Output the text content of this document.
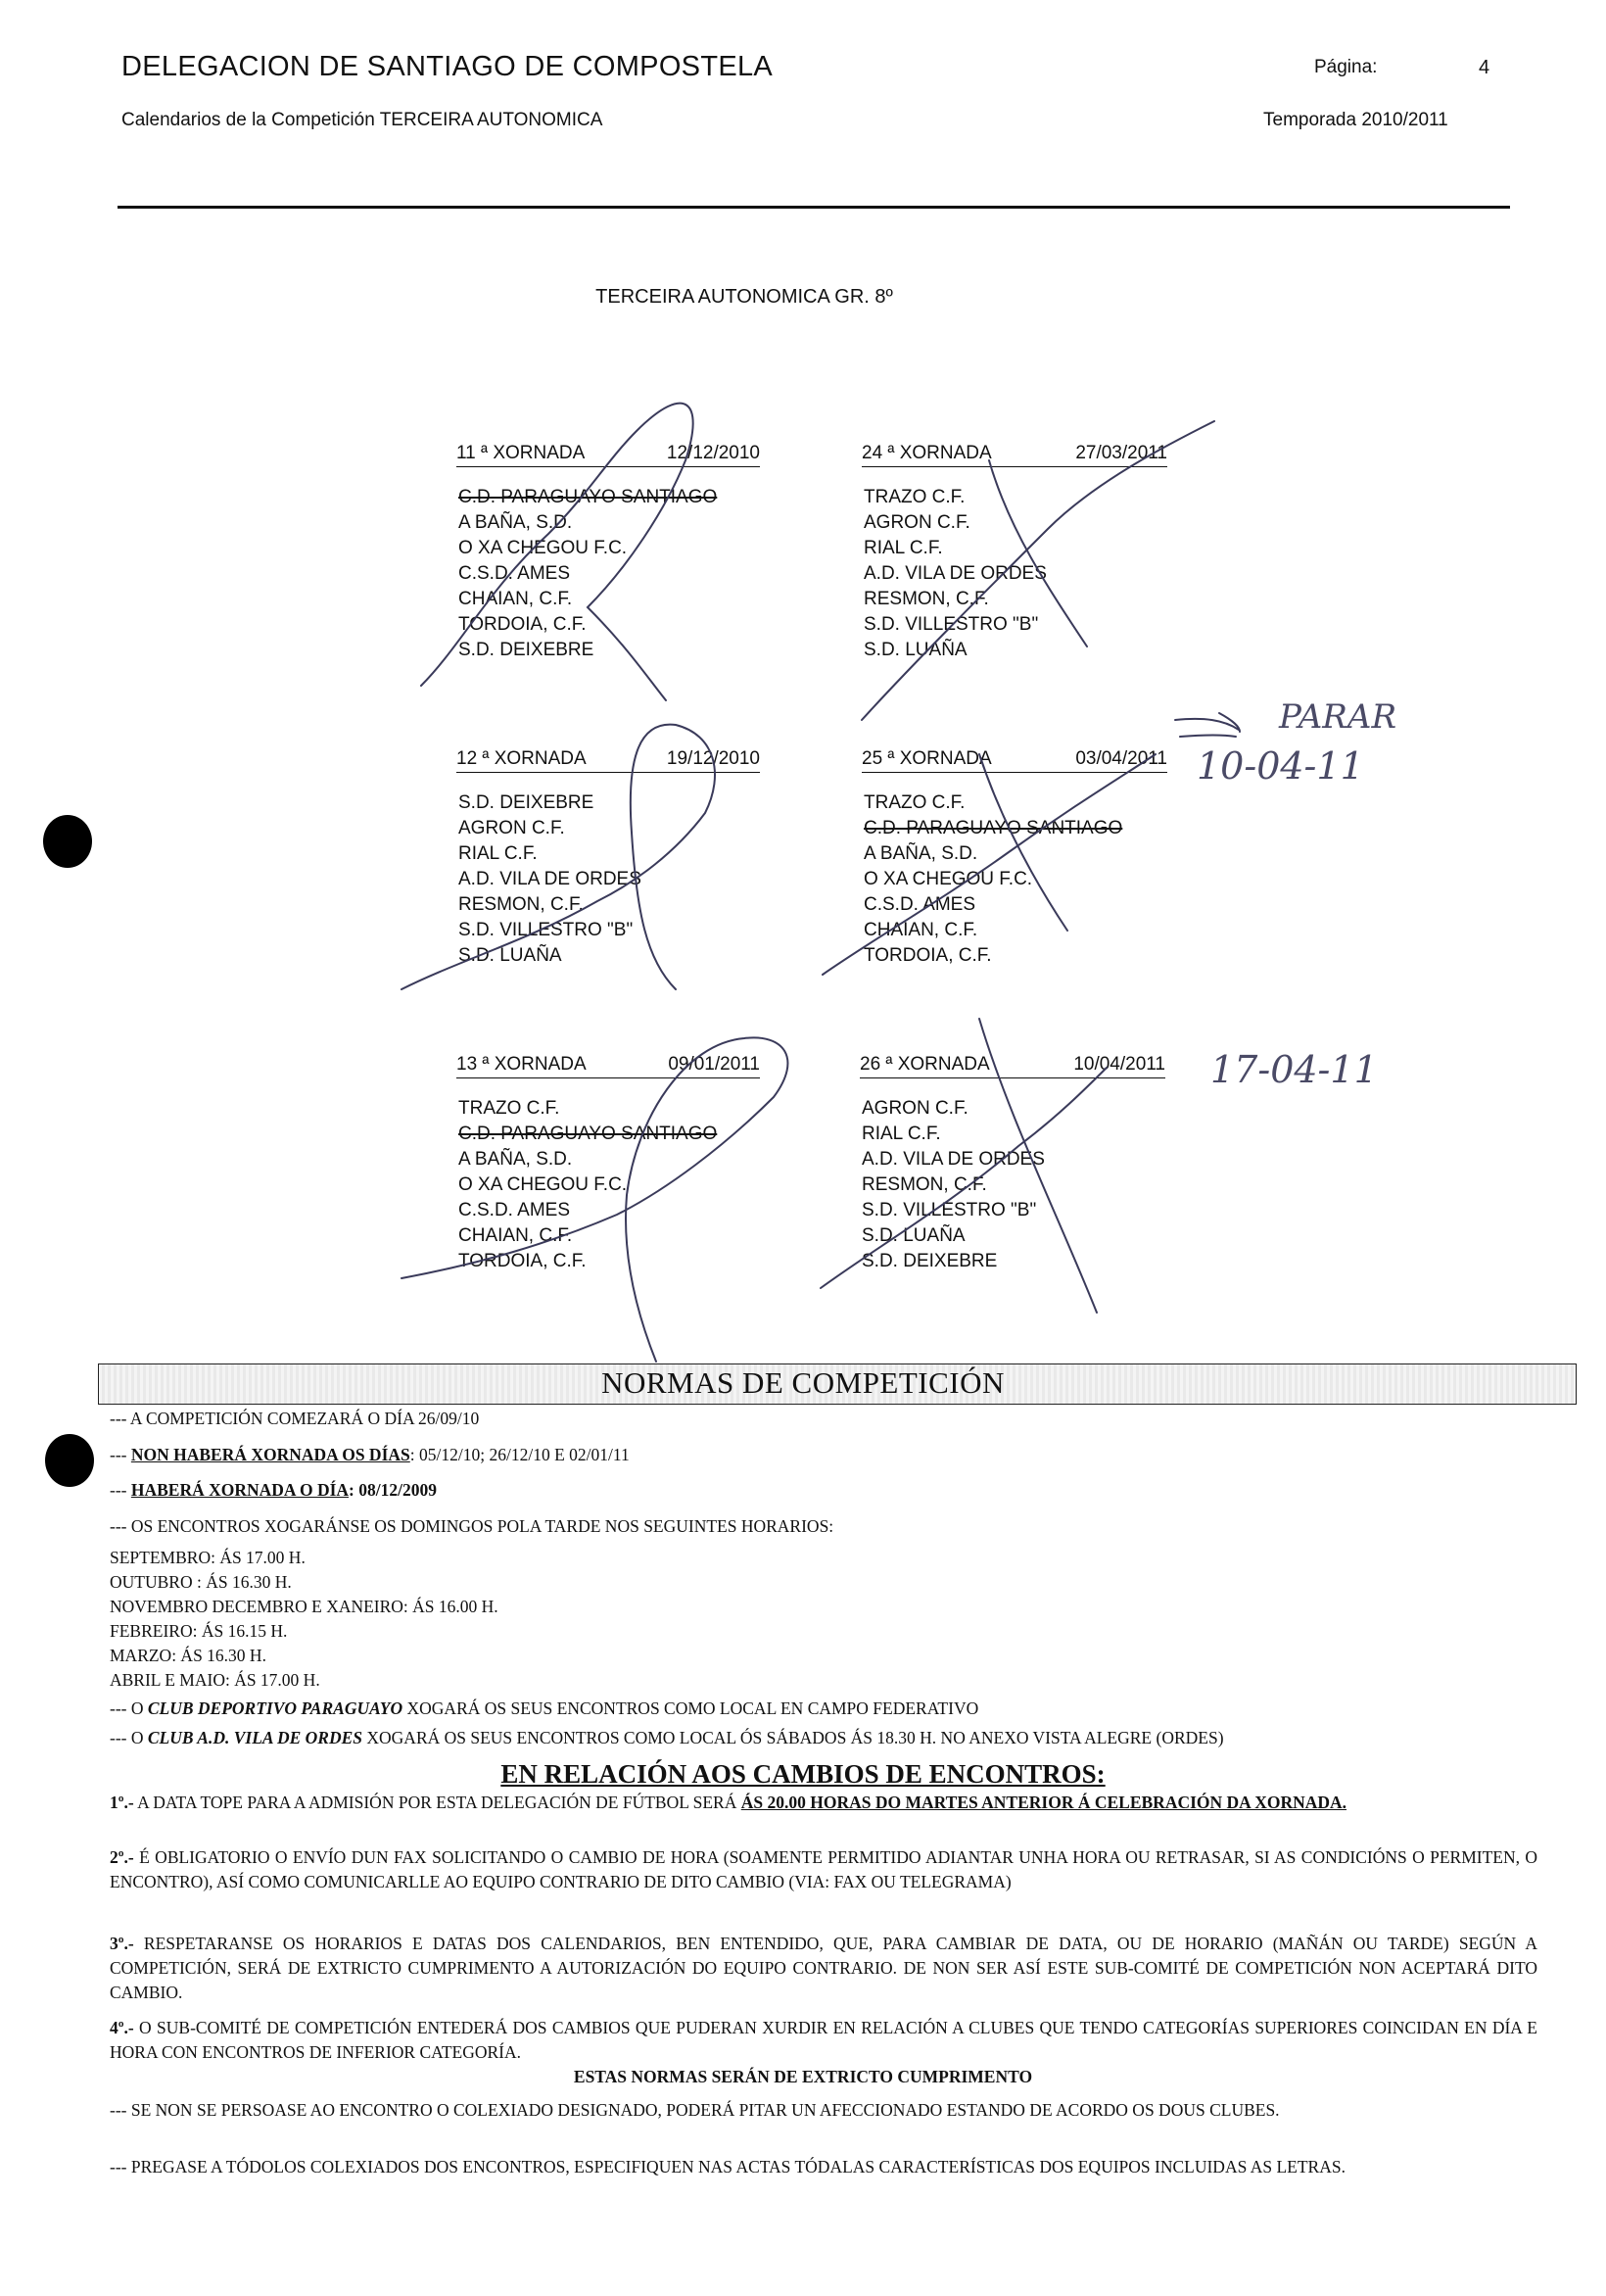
DELEGACION DE SANTIAGO DE COMPOSTELA	Página:	4
Calendarios de la Competición TERCEIRA AUTONOMICA	Temporada 2010/2011
TERCEIRA AUTONOMICA GR. 8º
11 ª XORNADA	12/12/2010
C.D. PARAGUAYO SANTIAGO
A BAÑA, S.D.
O XA CHEGOU F.C.
C.S.D. AMES
CHAIAN, C.F.
TORDOIA, C.F.
S.D. DEIXEBRE
24 ª XORNADA	27/03/2011
TRAZO C.F.
AGRON C.F.
RIAL C.F.
A.D. VILA DE ORDES
RESMON, C.F.
S.D. VILLESTRO "B"
S.D. LUAÑA
12 ª XORNADA	19/12/2010
S.D. DEIXEBRE
AGRON C.F.
RIAL C.F.
A.D. VILA DE ORDES
RESMON, C.F.
S.D. VILLESTRO "B"
S.D. LUAÑA
25 ª XORNADA	03/04/2011
TRAZO C.F.
C.D. PARAGUAYO SANTIAGO
A BAÑA, S.D.
O XA CHEGOU F.C.
C.S.D. AMES
CHAIAN, C.F.
TORDOIA, C.F.
13 ª XORNADA	09/01/2011
TRAZO C.F.
C.D. PARAGUAYO SANTIAGO
A BAÑA, S.D.
O XA CHEGOU F.C.
C.S.D. AMES
CHAIAN, C.F.
TORDOIA, C.F.
26 ª XORNADA	10/04/2011
AGRON C.F.
RIAL C.F.
A.D. VILA DE ORDES
RESMON, C.F.
S.D. VILLESTRO "B"
S.D. LUAÑA
S.D. DEIXEBRE
PARAR
10-04-11
17-04-11
NORMAS DE COMPETICIÓN
--- A COMPETICIÓN COMEZARÁ O DÍA 26/09/10
--- NON HABERÁ XORNADA OS DÍAS: 05/12/10; 26/12/10 E 02/01/11
--- HABERÁ XORNADA O DÍA: 08/12/2009
--- OS ENCONTROS XOGARÁNSE OS DOMINGOS POLA TARDE NOS SEGUINTES HORARIOS:
SEPTEMBRO: ÁS 17.00 H.
OUTUBRO : ÁS 16.30 H.
NOVEMBRO DECEMBRO E XANEIRO: ÁS 16.00 H.
FEBREIRO: ÁS 16.15 H.
MARZO: ÁS 16.30 H.
ABRIL E MAIO: ÁS 17.00 H.
--- O CLUB DEPORTIVO PARAGUAYO XOGARÁ OS SEUS ENCONTROS COMO LOCAL EN CAMPO FEDERATIVO
--- O CLUB A.D. VILA DE ORDES XOGARÁ OS SEUS ENCONTROS COMO LOCAL ÓS SÁBADOS ÁS 18.30 H. NO ANEXO VISTA ALEGRE (ORDES)
EN RELACIÓN AOS CAMBIOS DE ENCONTROS:
1º.- A DATA TOPE PARA A ADMISIÓN POR ESTA DELEGACIÓN DE FÚTBOL SERÁ ÁS 20.00 HORAS DO MARTES ANTERIOR Á CELEBRACIÓN DA XORNADA.
2º.- É OBLIGATORIO O ENVÍO DUN FAX SOLICITANDO O CAMBIO DE HORA (SOAMENTE PERMITIDO ADIANTAR UNHA HORA OU RETRASAR, SI AS CONDICIÓNS O PERMITEN, O ENCONTRO), ASÍ COMO COMUNICARLLE AO EQUIPO CONTRARIO DE DITO CAMBIO (VIA: FAX OU TELEGRAMA)
3º.- RESPETARANSE OS HORARIOS E DATAS DOS CALENDARIOS, BEN ENTENDIDO, QUE, PARA CAMBIAR DE DATA, OU DE HORARIO (MAÑÁN OU TARDE) SEGÚN A COMPETICIÓN, SERÁ DE EXTRICTO CUMPRIMENTO A AUTORIZACIÓN DO EQUIPO CONTRARIO. DE NON SER ASÍ ESTE SUB-COMITÉ DE COMPETICIÓN NON ACEPTARÁ DITO CAMBIO.
4º.- O SUB-COMITÉ DE COMPETICIÓN ENTEDERÁ DOS CAMBIOS QUE PUDERAN XURDIR EN RELACIÓN A CLUBES QUE TENDO CATEGORÍAS SUPERIORES COINCIDAN EN DÍA E HORA CON ENCONTROS DE INFERIOR CATEGORÍA.
ESTAS NORMAS SERÁN DE EXTRICTO CUMPRIMENTO
--- SE NON SE PERSOASE AO ENCONTRO O COLEXIADO DESIGNADO, PODERÁ PITAR UN AFECCIONADO ESTANDO DE ACORDO OS DOUS CLUBES.
--- PREGASE A TÓDOLOS COLEXIADOS DOS ENCONTROS, ESPECIFIQUEN NAS ACTAS TÓDALAS CARACTERÍSTICAS DOS EQUIPOS INCLUIDAS AS LETRAS.
